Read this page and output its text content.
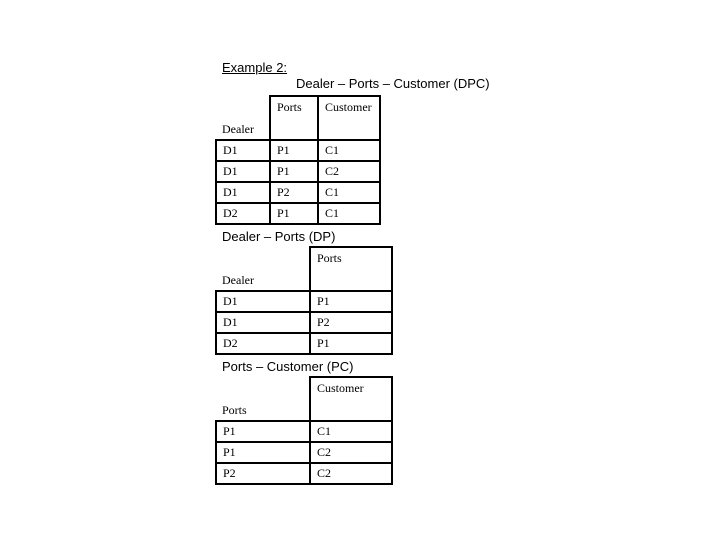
Example 2:
Dealer – Ports – Customer (DPC)
Dealer	Ports	Customer
D1	P1	C1
D1	P1	C2
D1	P2	C1
D2	P1	C1
Dealer – Ports (DP)
Dealer	Ports
D1	P1
D1	P2
D2	P1
Ports – Customer (PC)
Ports	Customer
P1	C1
P1	C2
P2	C2
